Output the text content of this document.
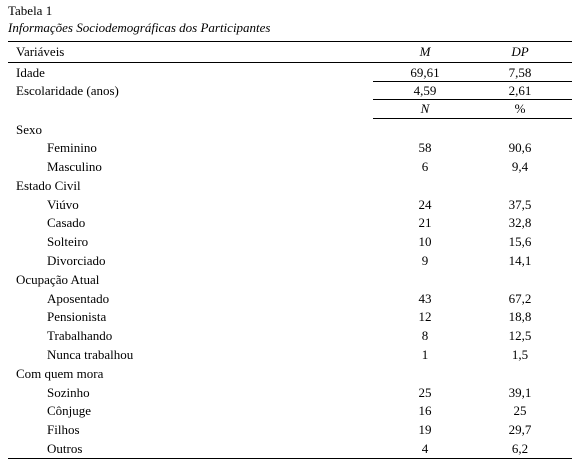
Tabela 1
Informações Sociodemográficas dos Participantes
Variáveis	M	DP
Idade	69,61	7,58
Escolaridade (anos)	4,59	2,61
N	%
Sexo
Feminino	58	90,6
Masculino	6	9,4
Estado Civil
Viúvo	24	37,5
Casado	21	32,8
Solteiro	10	15,6
Divorciado	9	14,1
Ocupação Atual
Aposentado	43	67,2
Pensionista	12	18,8
Trabalhando	8	12,5
Nunca trabalhou	1	1,5
Com quem mora
Sozinho	25	39,1
Cônjuge	16	25
Filhos	19	29,7
Outros	4	6,2
